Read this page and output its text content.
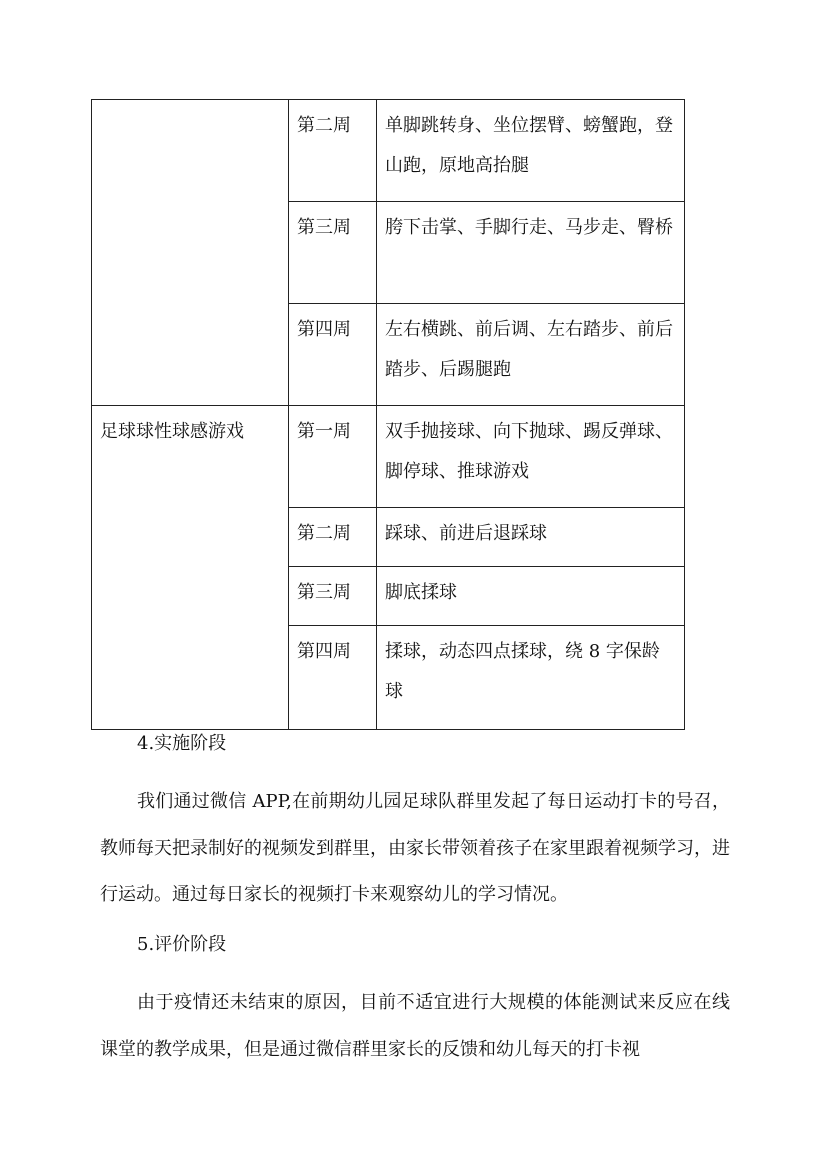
	第二周	单脚跳转身、坐位摆臂、螃蟹跑，登山跑，原地高抬腿
	第三周	胯下击掌、手脚行走、马步走、臀桥
	第四周	左右横跳、前后调、左右踏步、前后踏步、后踢腿跑
足球球性球感游戏	第一周	双手抛接球、向下抛球、踢反弹球、脚停球、推球游戏
	第二周	踩球、前进后退踩球
	第三周	脚底揉球
	第四周	揉球，动态四点揉球，绕 8 字保龄球
4.实施阶段

我们通过微信 APP,在前期幼儿园足球队群里发起了每日运动打卡的号召，教师每天把录制好的视频发到群里，由家长带领着孩子在家里跟着视频学习，进行运动。通过每日家长的视频打卡来观察幼儿的学习情况。

5.评价阶段

由于疫情还未结束的原因，目前不适宜进行大规模的体能测试来反应在线课堂的教学成果，但是通过微信群里家长的反馈和幼儿每天的打卡视
